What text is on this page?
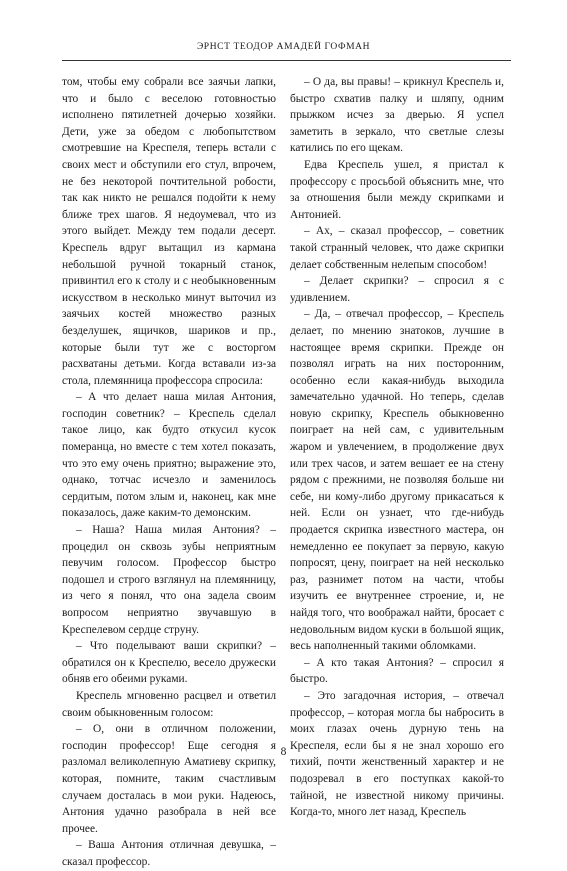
ЭРНСТ ТЕОДОР АМАДЕЙ ГОФМАН

том, чтобы ему собрали все заячьи лапки, что и было с веселою готовностью исполнено пятилетней дочерью хозяйки. Дети, уже за обедом с любопытством смотревшие на Креспеля, теперь встали с своих мест и обступили его стул, впрочем, не без некоторой почтительной робости, так как никто не решался подойти к нему ближе трех шагов. Я недоумевал, что из этого выйдет. Между тем подали десерт. Креспель вдруг вытащил из кармана небольшой ручной токарный станок, привинтил его к столу и с необыкновенным искусством в несколько минут выточил из заячьих костей множество разных безделушек, ящичков, шариков и пр., которые были тут же с восторгом расхватаны детьми. Когда вставали из-за стола, племянница профессора спросила:

– А что делает наша милая Антония, господин советник? – Креспель сделал такое лицо, как будто откусил кусок померанца, но вместе с тем хотел показать, что это ему очень приятно; выражение это, однако, тотчас исчезло и заменилось сердитым, потом злым и, наконец, как мне показалось, даже каким-то демонским.

– Наша? Наша милая Антония? – процедил он сквозь зубы неприятным певучим голосом. Профессор быстро подошел и строго взглянул на племянницу, из чего я понял, что она задела своим вопросом неприятно звучавшую в Креспелевом сердце струну.

– Что поделывают ваши скрипки? – обратился он к Креспелю, весело дружески обняв его обеими руками.

Креспель мгновенно расцвел и ответил своим обыкновенным голосом:

– О, они в отличном положении, господин профессор! Еще сегодня я разломал великолепную Аматиеву скрипку, которая, помните, таким счастливым случаем досталась в мои руки. Надеюсь, Антония удачно разобрала в ней все прочее.

– Ваша Антония отличная девушка, – сказал профессор.

– О да, вы правы! – крикнул Креспель и, быстро схватив палку и шляпу, одним прыжком исчез за дверью. Я успел заметить в зеркало, что светлые слезы катились по его щекам.

Едва Креспель ушел, я пристал к профессору с просьбой объяснить мне, что за отношения были между скрипками и Антонией.

– Ах, – сказал профессор, – советник такой странный человек, что даже скрипки делает собственным нелепым способом!

– Делает скрипки? – спросил я с удивлением.

– Да, – отвечал профессор, – Креспель делает, по мнению знатоков, лучшие в настоящее время скрипки. Прежде он позволял играть на них посторонним, особенно если какая-нибудь выходила замечательно удачной. Но теперь, сделав новую скрипку, Креспель обыкновенно поиграет на ней сам, с удивительным жаром и увлечением, в продолжение двух или трех часов, и затем вешает ее на стену рядом с прежними, не позволяя больше ни себе, ни кому-либо другому прикасаться к ней. Если он узнает, что где-нибудь продается скрипка известного мастера, он немедленно ее покупает за первую, какую попросят, цену, поиграет на ней несколько раз, разнимет потом на части, чтобы изучить ее внутреннее строение, и, не найдя того, что воображал найти, бросает с недовольным видом куски в большой ящик, весь наполненный такими обломками.

– А кто такая Антония? – спросил я быстро.

– Это загадочная история, – отвечал профессор, – которая могла бы набросить в моих глазах очень дурную тень на Креспеля, если бы я не знал хорошо его тихий, почти женственный характер и не подозревал в его поступках какой-то тайной, не известной никому причины. Когда-то, много лет назад, Креспель

8
